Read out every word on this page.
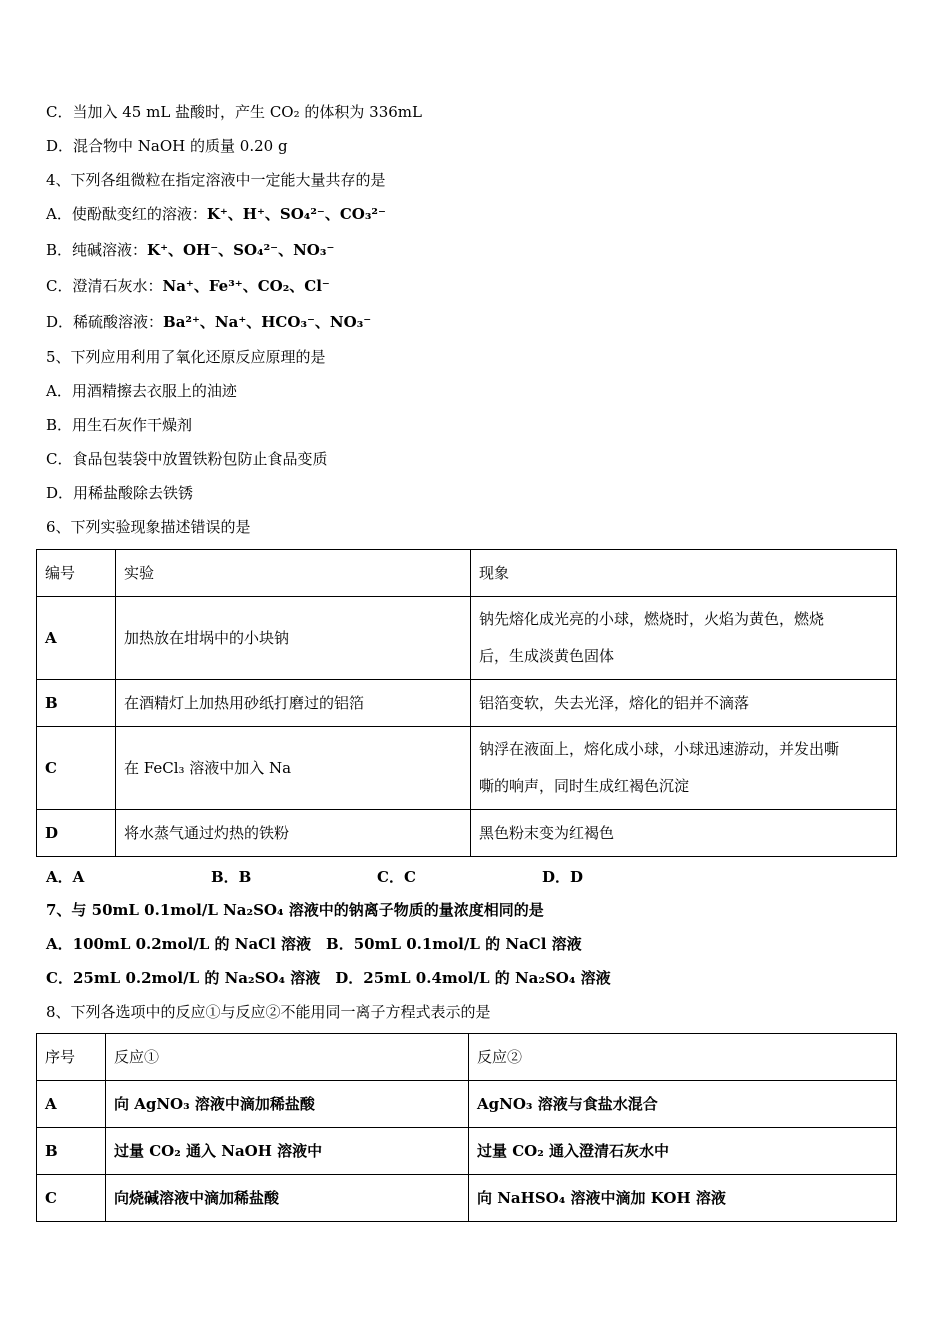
C．当加入 45 mL 盐酸时，产生 CO₂ 的体积为 336mL
D．混合物中 NaOH 的质量 0.20 g
4、下列各组微粒在指定溶液中一定能大量共存的是
A．使酚酞变红的溶液：K⁺、H⁺、SO₄²⁻、CO₃²⁻
B．纯碱溶液：K⁺、OH⁻、SO₄²⁻、NO₃⁻
C．澄清石灰水：Na⁺、Fe³⁺、CO₂、Cl⁻
D．稀硫酸溶液：Ba²⁺、Na⁺、HCO₃⁻、NO₃⁻
5、下列应用利用了氧化还原反应原理的是
A．用酒精擦去衣服上的油迹
B．用生石灰作干燥剂
C．食品包装袋中放置铁粉包防止食品变质
D．用稀盐酸除去铁锈
6、下列实验现象描述错误的是
编号	实验	现象
A	加热放在坩埚中的小块钠	钠先熔化成光亮的小球，燃烧时，火焰为黄色，燃烧
后，生成淡黄色固体

B	在酒精灯上加热用砂纸打磨过的铝箔	铝箔变软，失去光泽，熔化的铝并不滴落
C	在 FeCl₃ 溶液中加入 Na	钠浮在液面上，熔化成小球，小球迅速游动，并发出嘶
嘶的响声，同时生成红褐色沉淀

D	将水蒸气通过灼热的铁粉	黑色粉末变为红褐色
A．A	B．B	C．C	D．D
7、与 50mL 0.1mol/L Na₂SO₄ 溶液中的钠离子物质的量浓度相同的是
A．100mL 0.2mol/L 的 NaCl 溶液　B．50mL 0.1mol/L 的 NaCl 溶液
C．25mL 0.2mol/L 的 Na₂SO₄ 溶液　D．25mL 0.4mol/L 的 Na₂SO₄ 溶液
8、下列各选项中的反应①与反应②不能用同一离子方程式表示的是
序号	反应①	反应②
A	向 AgNO₃ 溶液中滴加稀盐酸	AgNO₃ 溶液与食盐水混合
B	过量 CO₂ 通入 NaOH 溶液中	过量 CO₂ 通入澄清石灰水中
C	向烧碱溶液中滴加稀盐酸	向 NaHSO₄ 溶液中滴加 KOH 溶液
